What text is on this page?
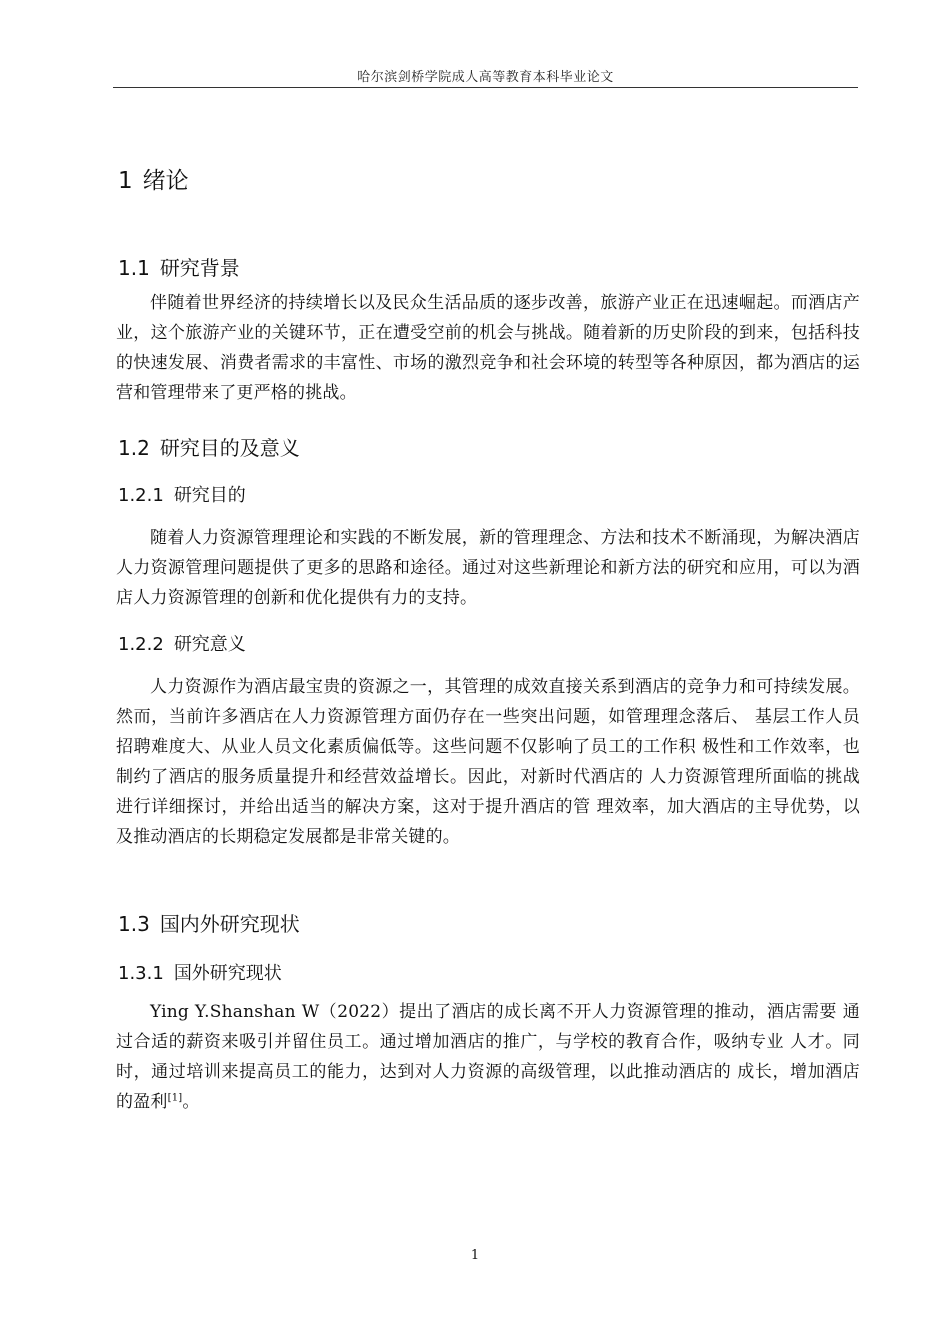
哈尔滨剑桥学院成人高等教育本科毕业论文
1 绪论
1.1 研究背景

伴随着世界经济的持续增长以及民众生活品质的逐步改善，旅游产业正在迅速崛起。而酒店产业，这个旅游产业的关键环节，正在遭受空前的机会与挑战。随着新的历史阶段的到来，包括科技的快速发展、消费者需求的丰富性、市场的激烈竞争和社会环境的转型等各种原因，都为酒店的运营和管理带来了更严格的挑战。

1.2 研究目的及意义
1.2.1 研究目的

随着人力资源管理理论和实践的不断发展，新的管理理念、方法和技术不断涌现，为解决酒店人力资源管理问题提供了更多的思路和途径。通过对这些新理论和新方法的研究和应用，可以为酒店人力资源管理的创新和优化提供有力的支持。

1.2.2 研究意义

人力资源作为酒店最宝贵的资源之一，其管理的成效直接关系到酒店的竞争力和可持续发展。然而，当前许多酒店在人力资源管理方面仍存在一些突出问题，如管理理念落后、 基层工作人员招聘难度大、从业人员文化素质偏低等。这些问题不仅影响了员工的工作积 极性和工作效率，也制约了酒店的服务质量提升和经营效益增长。因此，对新时代酒店的 人力资源管理所面临的挑战进行详细探讨，并给出适当的解决方案，这对于提升酒店的管 理效率，加大酒店的主导优势，以及推动酒店的长期稳定发展都是非常关键的。

1.3 国内外研究现状
1.3.1 国外研究现状

Ying Y.Shanshan W（2022）提出了酒店的成长离不开人力资源管理的推动，酒店需要 通过合适的薪资来吸引并留住员工。通过增加酒店的推广，与学校的教育合作，吸纳专业 人才。同时，通过培训来提高员工的能力，达到对人力资源的高级管理，以此推动酒店的 成长，增加酒店的盈利[1]。

1
